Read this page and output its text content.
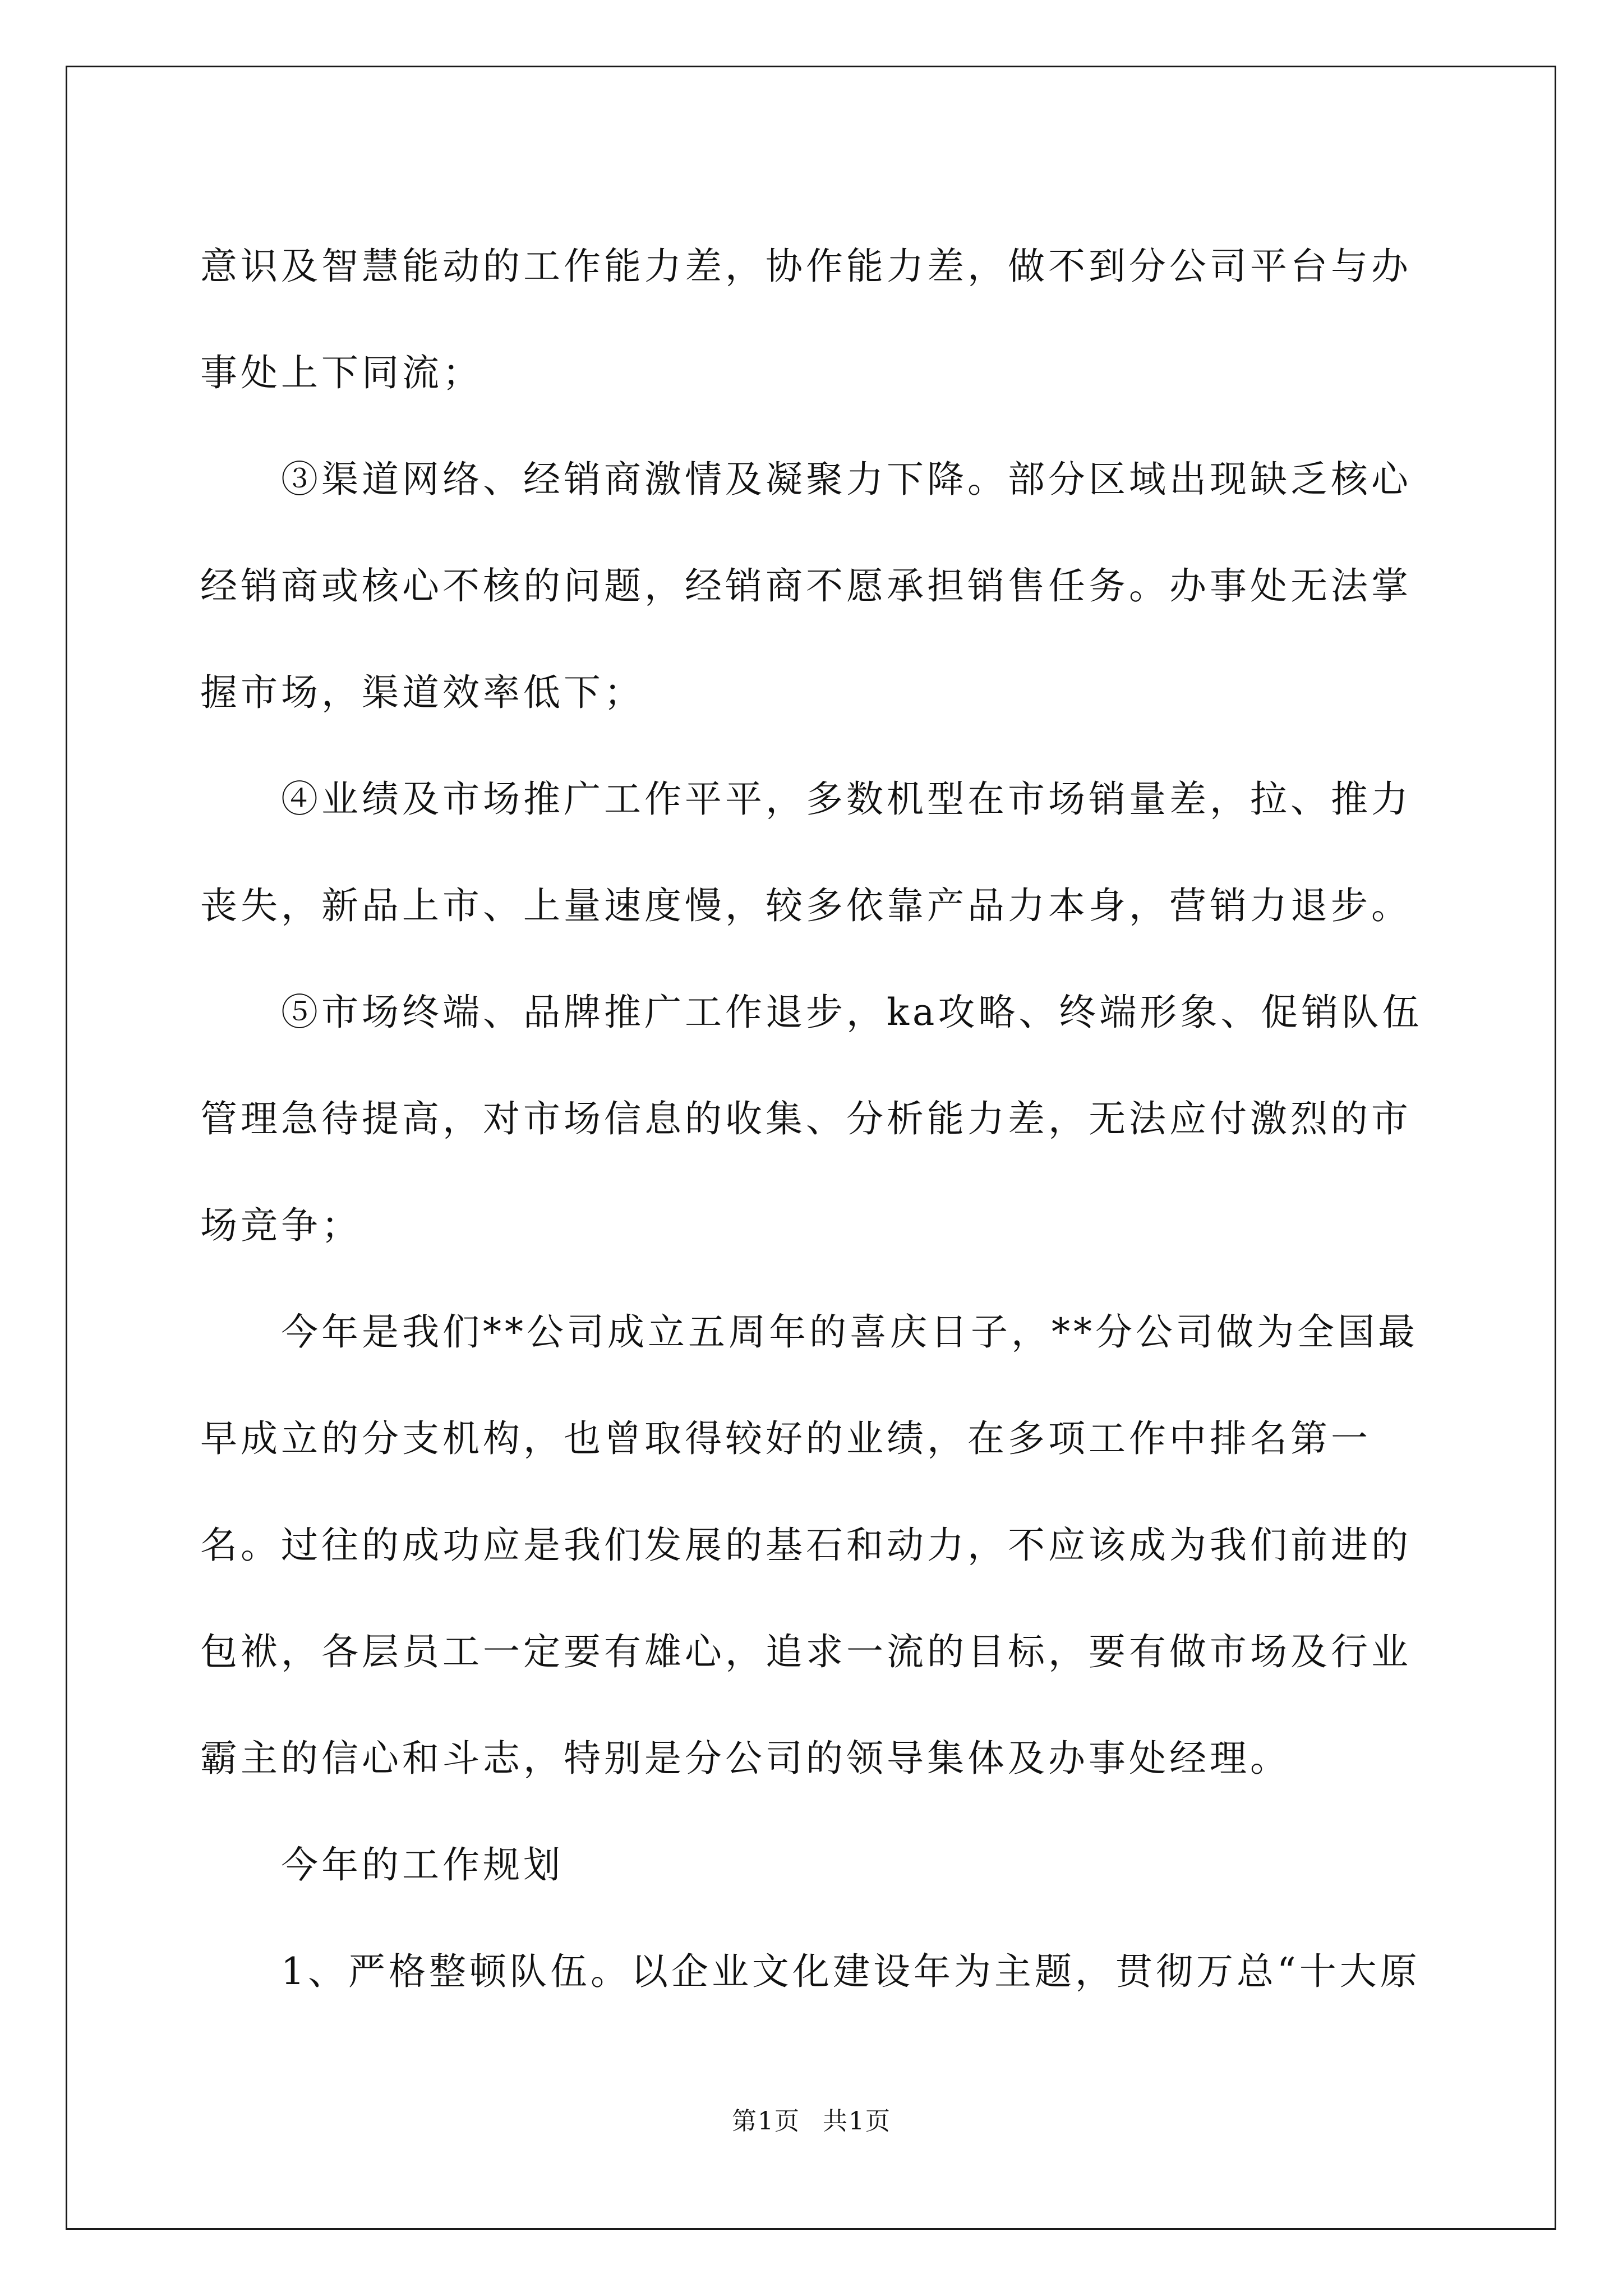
意识及智慧能动的工作能力差，协作能力差，做不到分公司平台与办事处上下同流；

③渠道网络、经销商激情及凝聚力下降。部分区域出现缺乏核心经销商或核心不核的问题，经销商不愿承担销售任务。办事处无法掌握市场，渠道效率低下；

④业绩及市场推广工作平平，多数机型在市场销量差，拉、推力丧失，新品上市、上量速度慢，较多依靠产品力本身，营销力退步。

⑤市场终端、品牌推广工作退步，ka攻略、终端形象、促销队伍管理急待提高，对市场信息的收集、分析能力差，无法应付激烈的市场竞争；

今年是我们**公司成立五周年的喜庆日子，**分公司做为全国最早成立的分支机构，也曾取得较好的业绩，在多项工作中排名第一名。过往的成功应是我们发展的基石和动力，不应该成为我们前进的包袱，各层员工一定要有雄心，追求一流的目标，要有做市场及行业霸主的信心和斗志，特别是分公司的领导集体及办事处经理。

今年的工作规划

1、严格整顿队伍。以企业文化建设年为主题，贯彻万总“十大原

第1页 共1页
